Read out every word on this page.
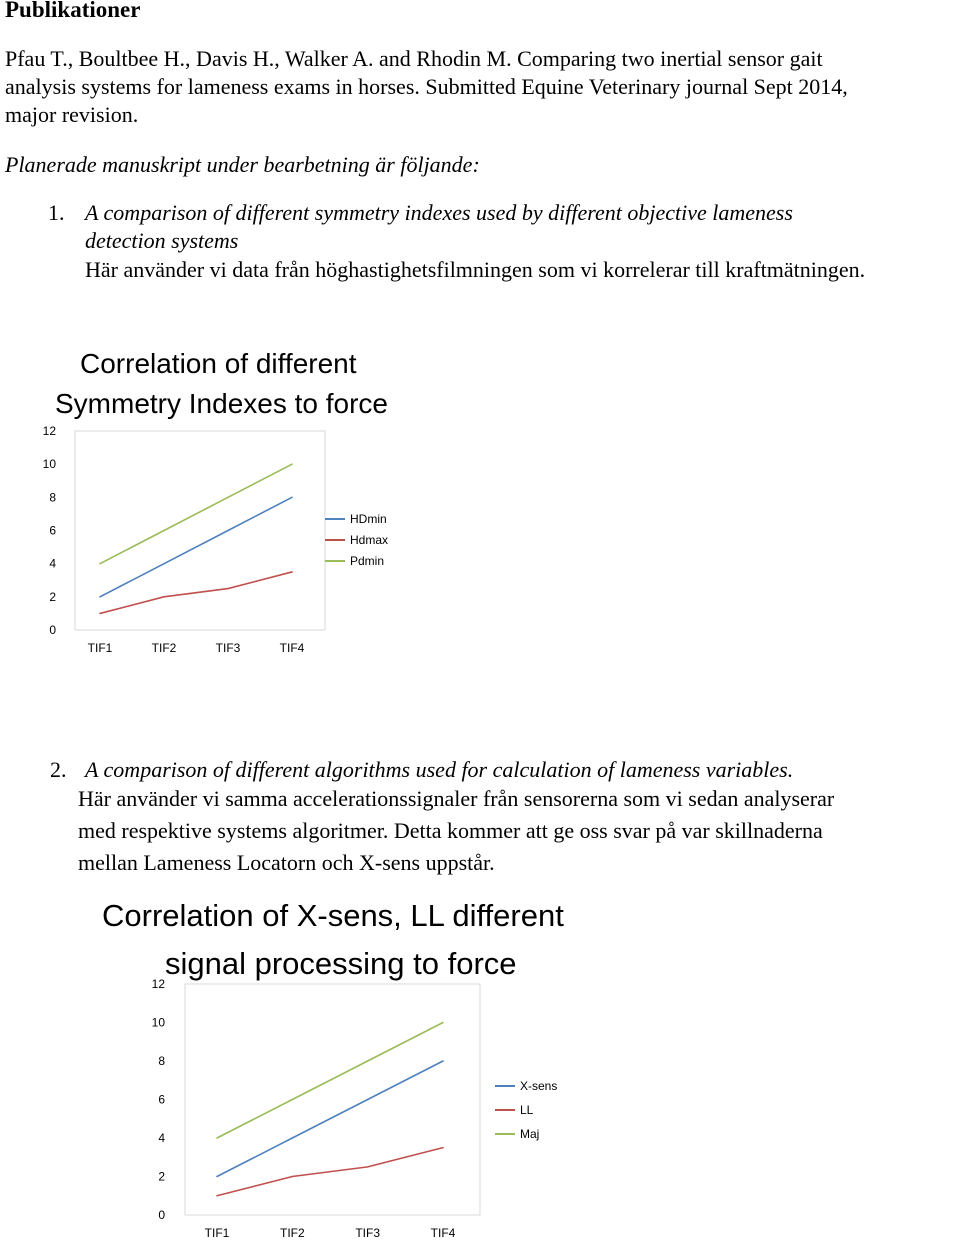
Publikationer
Pfau T., Boultbee H., Davis H., Walker A. and Rhodin M. Comparing two inertial sensor gait
analysis systems for lameness exams in horses. Submitted Equine Veterinary journal Sept 2014,
major revision.
Planerade manuskript under bearbetning är följande:
1. A comparison of different symmetry indexes used by different objective lameness
detection systems
Här använder vi data från höghastighetsfilmningen som vi korrelerar till kraftmätningen.
Correlation of different
Symmetry Indexes to force
0
2
4
6
8
10
12
TIF1	TIF2	TIF3	TIF4
HDmin
Hdmax
Pdmin
2. A comparison of different algorithms used for calculation of lameness variables.
Här använder vi samma accelerationssignaler från sensorerna som vi sedan analyserar
med respektive systems algoritmer. Detta kommer att ge oss svar på var skillnaderna
mellan Lameness Locatorn och X-sens uppstår.
Correlation of X-sens, LL different
signal processing to force
0
2
4
6
8
10
12
TIF1	TIF2	TIF3	TIF4
X-sens
LL
Maj
